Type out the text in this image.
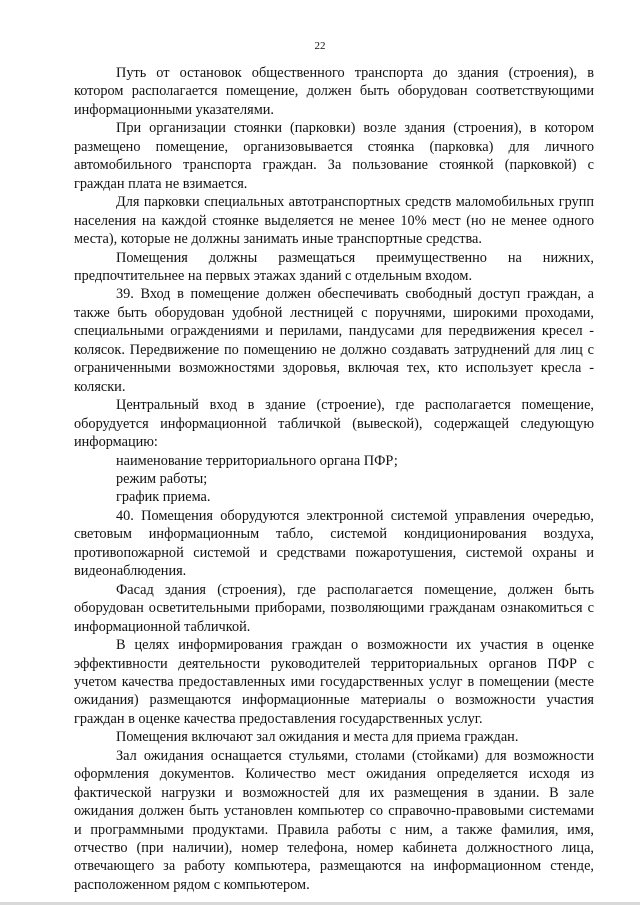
22

Путь от остановок общественного транспорта до здания (строения), в котором располагается помещение, должен быть оборудован соответствующими информационными указателями.

При организации стоянки (парковки) возле здания (строения), в котором размещено помещение, организовывается стоянка (парковка) для личного автомобильного транспорта граждан. За пользование стоянкой (парковкой) с граждан плата не взимается.

Для парковки специальных автотранспортных средств маломобильных групп населения на каждой стоянке выделяется не менее 10% мест (но не менее одного места), которые не должны занимать иные транспортные средства.

Помещения должны размещаться преимущественно на нижних, предпочтительнее на первых этажах зданий с отдельным входом.

39. Вход в помещение должен обеспечивать свободный доступ граждан, а также быть оборудован удобной лестницей с поручнями, широкими проходами, специальными ограждениями и перилами, пандусами для передвижения кресел - колясок. Передвижение по помещению не должно создавать затруднений для лиц с ограниченными возможностями здоровья, включая тех, кто использует кресла - коляски.

Центральный вход в здание (строение), где располагается помещение, оборудуется информационной табличкой (вывеской), содержащей следующую информацию:

наименование территориального органа ПФР;

режим работы;

график приема.

40. Помещения оборудуются электронной системой управления очередью, световым информационным табло, системой кондиционирования воздуха, противопожарной системой и средствами пожаротушения, системой охраны и видеонаблюдения.

Фасад здания (строения), где располагается помещение, должен быть оборудован осветительными приборами, позволяющими гражданам ознакомиться с информационной табличкой.

В целях информирования граждан о возможности их участия в оценке эффективности деятельности руководителей территориальных органов ПФР с учетом качества предоставленных ими государственных услуг в помещении (месте ожидания) размещаются информационные материалы о возможности участия граждан в оценке качества предоставления государственных услуг.

Помещения включают зал ожидания и места для приема граждан.

Зал ожидания оснащается стульями, столами (стойками) для возможности оформления документов. Количество мест ожидания определяется исходя из фактической нагрузки и возможностей для их размещения в здании. В зале ожидания должен быть установлен компьютер со справочно-правовыми системами и программными продуктами. Правила работы с ним, а также фамилия, имя, отчество (при наличии), номер телефона, номер кабинета должностного лица, отвечающего за работу компьютера, размещаются на информационном стенде, расположенном рядом с компьютером.
